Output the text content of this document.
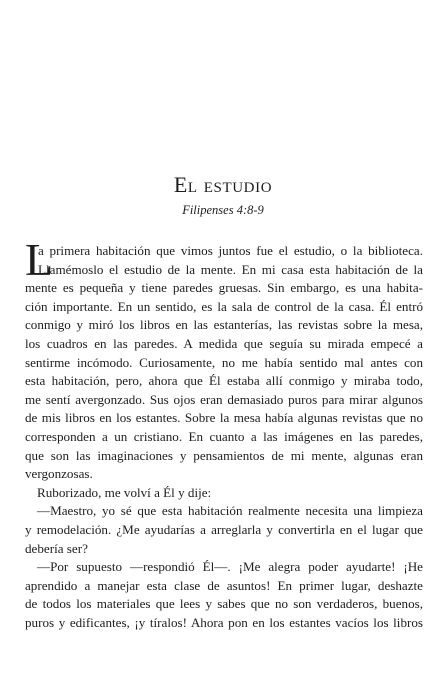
El estudio
Filipenses 4:8-9
L
a primera habitación que vimos juntos fue el estudio, o la biblioteca.
Llamémoslo el estudio de la mente. En mi casa esta habitación de la
mente es pequeña y tiene paredes gruesas. Sin embargo, es una habita-
ción importante. En un sentido, es la sala de control de la casa. Él entró
conmigo y miró los libros en las estanterías, las revistas sobre la mesa,
los cuadros en las paredes. A medida que seguía su mirada empecé a
sentirme incómodo. Curiosamente, no me había sentido mal antes con
esta habitación, pero, ahora que Él estaba allí conmigo y miraba todo,
me sentí avergonzado. Sus ojos eran demasiado puros para mirar algunos
de mis libros en los estantes. Sobre la mesa había algunas revistas que no
corresponden a un cristiano. En cuanto a las imágenes en las paredes,
que son las imaginaciones y pensamientos de mi mente, algunas eran
vergonzosas.
Ruborizado, me volví a Él y dije:
—Maestro, yo sé que esta habitación realmente necesita una limpieza
y remodelación. ¿Me ayudarías a arreglarla y convertirla en el lugar que
debería ser?
—Por supuesto —respondió Él—. ¡Me alegra poder ayudarte! ¡He
aprendido a manejar esta clase de asuntos! En primer lugar, deshazte
de todos los materiales que lees y sabes que no son verdaderos, buenos,
puros y edificantes, ¡y tíralos! Ahora pon en los estantes vacíos los libros
